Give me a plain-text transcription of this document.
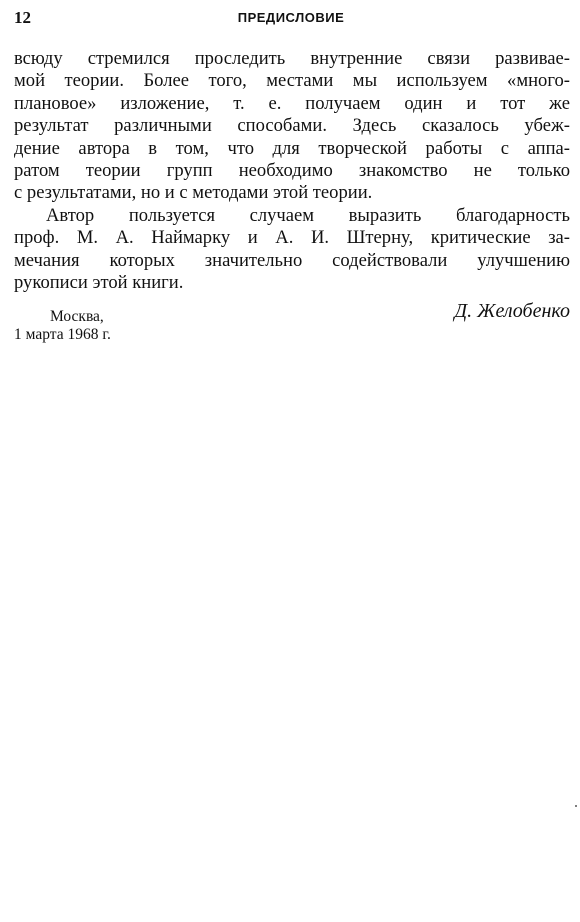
12	ПРЕДИСЛОВИЕ
всюду стремился проследить внутренние связи развивае-
мой теории. Более того, местами мы используем «много-
плановое» изложение, т. е. получаем один и тот же
результат различными способами. Здесь сказалось убеж-
дение автора в том, что для творческой работы с аппа-
ратом теории групп необходимо знакомство не только
с результатами, но и с методами этой теории.
Автор пользуется случаем выразить благодарность
проф. М. А. Наймарку и А. И. Штерну, критические за-
мечания которых значительно содействовали улучшению
рукописи этой книги.
Москва,
1 марта 1968 г.
Д. Желобенко
